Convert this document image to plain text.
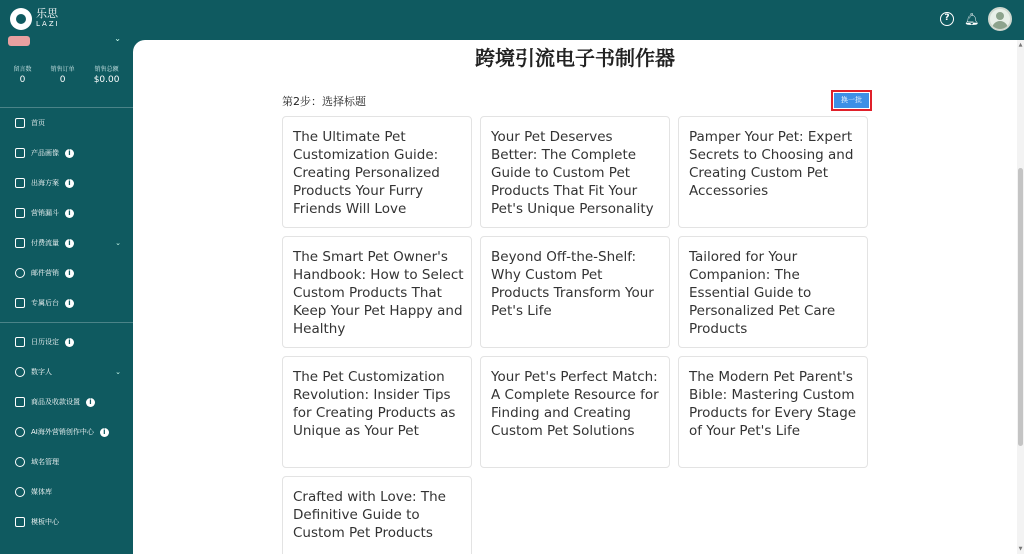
乐思
LAZI
?	🔔︎
⌄
留言数
0
销售订单
0
销售总额
$0.00
首页
产品画像	i
出海方案	i
营销漏斗	i
付费流量	i	⌄
邮件营销	i
专属后台	i
日历设定	i
数字人	⌄
商品及收款设置	i
AI海外营销创作中心	i
域名管理
媒体库
模板中心
跨境引流电子书制作器
第2步：选择标题	换一批
The Ultimate Pet Customization Guide: Creating Personalized Products Your Furry Friends Will Love
Your Pet Deserves Better: The Complete Guide to Custom Pet Products That Fit Your Pet's Unique Personality
Pamper Your Pet: Expert Secrets to Choosing and Creating Custom Pet Accessories
The Smart Pet Owner's Handbook: How to Select Custom Products That Keep Your Pet Happy and Healthy
Beyond Off-the-Shelf: Why Custom Pet Products Transform Your Pet's Life
Tailored for Your Companion: The Essential Guide to Personalized Pet Care Products
The Pet Customization Revolution: Insider Tips for Creating Products as Unique as Your Pet
Your Pet's Perfect Match: A Complete Resource for Finding and Creating Custom Pet Solutions
The Modern Pet Parent's Bible: Mastering Custom Products for Every Stage of Your Pet's Life
Crafted with Love: The Definitive Guide to Custom Pet Products
▲
▼
